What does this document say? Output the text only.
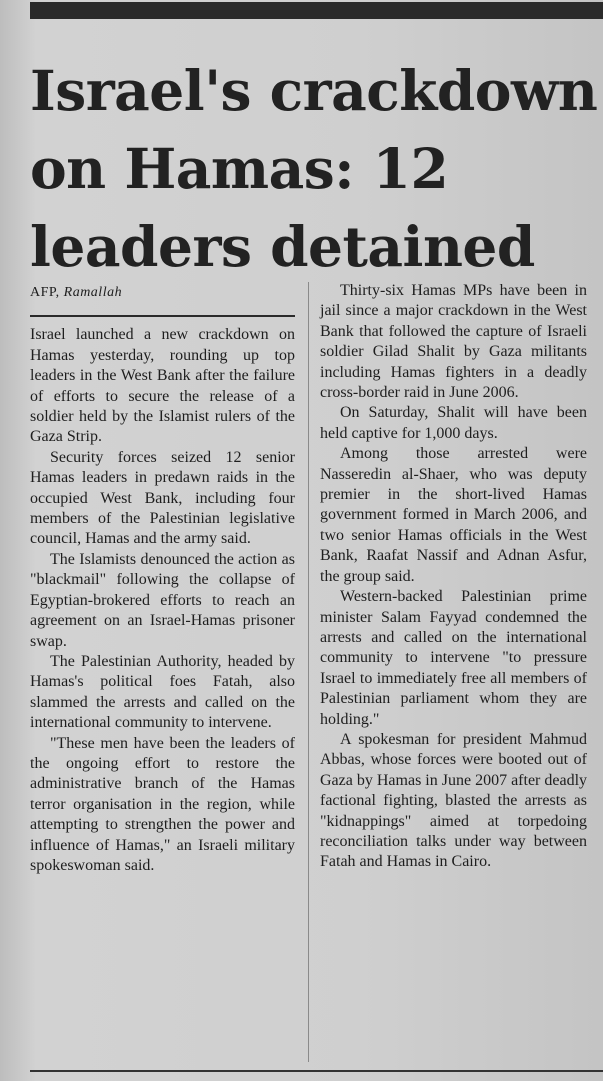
Israel's crackdown on Hamas: 12 leaders detained
AFP, Ramallah

Israel launched a new crackdown on Hamas yesterday, rounding up top leaders in the West Bank after the failure of efforts to secure the release of a soldier held by the Islamist rulers of the Gaza Strip.

Security forces seized 12 senior Hamas leaders in predawn raids in the occupied West Bank, including four members of the Palestinian legislative council, Hamas and the army said.

The Islamists denounced the action as "blackmail" following the collapse of Egyptian-brokered efforts to reach an agreement on an Israel-Hamas prisoner swap.

The Palestinian Authority, headed by Hamas's political foes Fatah, also slammed the arrests and called on the international community to intervene.

"These men have been the leaders of the ongoing effort to restore the administrative branch of the Hamas terror organisation in the region, while attempting to strengthen the power and influence of Hamas," an Israeli military spokeswoman said.

Thirty-six Hamas MPs have been in jail since a major crackdown in the West Bank that followed the capture of Israeli soldier Gilad Shalit by Gaza militants including Hamas fighters in a deadly cross-border raid in June 2006.

On Saturday, Shalit will have been held captive for 1,000 days.

Among those arrested were Nasseredin al-Shaer, who was deputy premier in the short-lived Hamas government formed in March 2006, and two senior Hamas officials in the West Bank, Raafat Nassif and Adnan Asfur, the group said.

Western-backed Palestinian prime minister Salam Fayyad condemned the arrests and called on the international community to intervene "to pressure Israel to immediately free all members of Palestinian parliament whom they are holding."

A spokesman for president Mahmud Abbas, whose forces were booted out of Gaza by Hamas in June 2007 after deadly factional fighting, blasted the arrests as "kidnappings" aimed at torpedoing reconciliation talks under way between Fatah and Hamas in Cairo.
